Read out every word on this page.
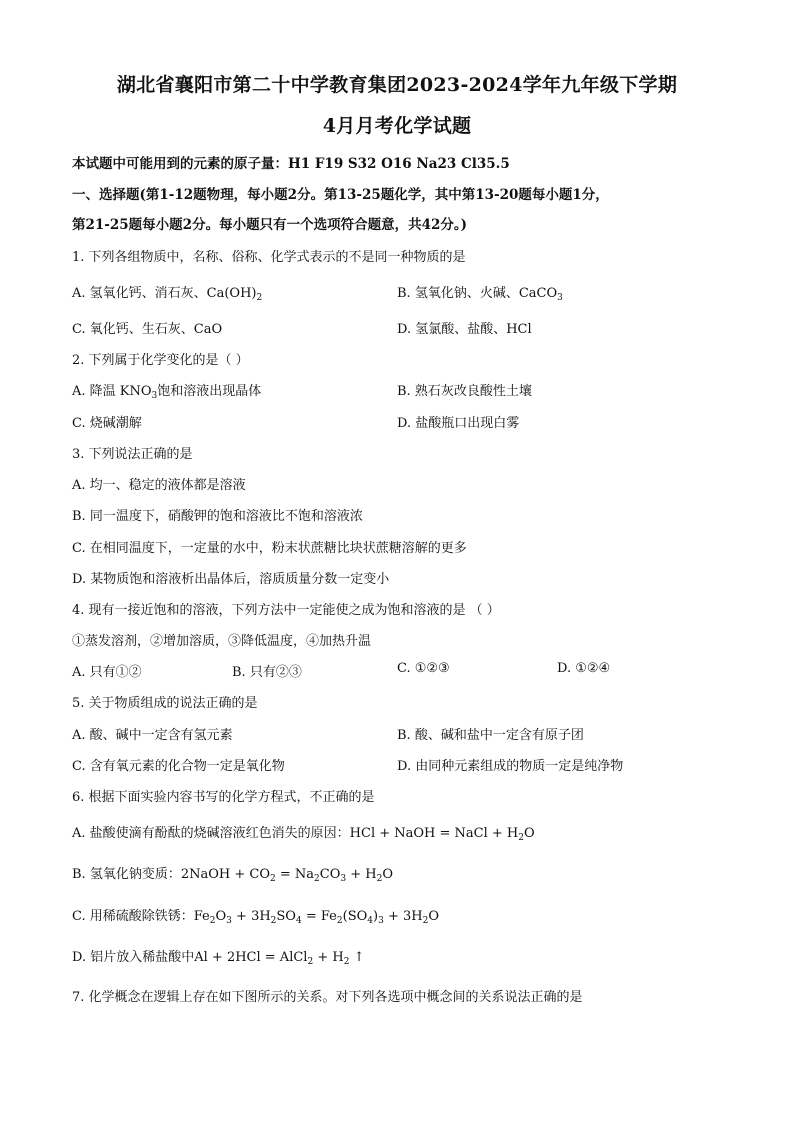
湖北省襄阳市第二十中学教育集团2023-2024学年九年级下学期
4月月考化学试题
本试题中可能用到的元素的原子量：H1 F19 S32 O16 Na23 Cl35.5
一、选择题(第1-12题物理，每小题2分。第13-25题化学，其中第13-20题每小题1分，
第21-25题每小题2分。每小题只有一个选项符合题意，共42分。)
1. 下列各组物质中，名称、俗称、化学式表示的不是同一种物质的是
A. 氢氧化钙、消石灰、$Ca(OH)_2$	B. 氢氧化钠、火碱、CaCO$_3$
C. 氧化钙、生石灰、CaO	D. 氢氯酸、盐酸、HCl
2. 下列属于化学变化的是（ ）
A. 降温 $KNO_3$饱和溶液出现晶体	B. 熟石灰改良酸性土壤
C. 烧碱潮解	D. 盐酸瓶口出现白雾
3. 下列说法正确的是
A. 均一、稳定的液体都是溶液
B. 同一温度下，硝酸钾的饱和溶液比不饱和溶液浓
C. 在相同温度下，一定量的水中，粉末状蔗糖比块状蔗糖溶解的更多
D. 某物质饱和溶液析出晶体后，溶质质量分数一定变小
4. 现有一接近饱和的溶液，下列方法中一定能使之成为饱和溶液的是 （ ）
①蒸发溶剂，②增加溶质，③降低温度，④加热升温
A. 只有①②	B. 只有②③	C. ①②③	D. ①②④
5. 关于物质组成的说法正确的是
A. 酸、碱中一定含有氢元素	B. 酸、碱和盐中一定含有原子团
C. 含有氧元素的化合物一定是氧化物	D. 由同种元素组成的物质一定是纯净物
6. 根据下面实验内容书写的化学方程式，不正确的是
A. 盐酸使滴有酚酞的烧碱溶液红色消失的原因：HCl + NaOH = NaCl + $H_2O$
B. 氢氧化钠变质：2NaOH + $CO_2 = Na_2CO_3 + H_2O$
C. 用稀硫酸除铁锈：$Fe_2O_3 + 3H_2SO_4 = Fe_2(SO_4)_3 + 3H_2O$
D. 铝片放入稀盐酸中Al + 2HCl = AlCl$_2$ + $H_2$ ↑
7. 化学概念在逻辑上存在如下图所示的关系。对下列各选项中概念间的关系说法正确的是
